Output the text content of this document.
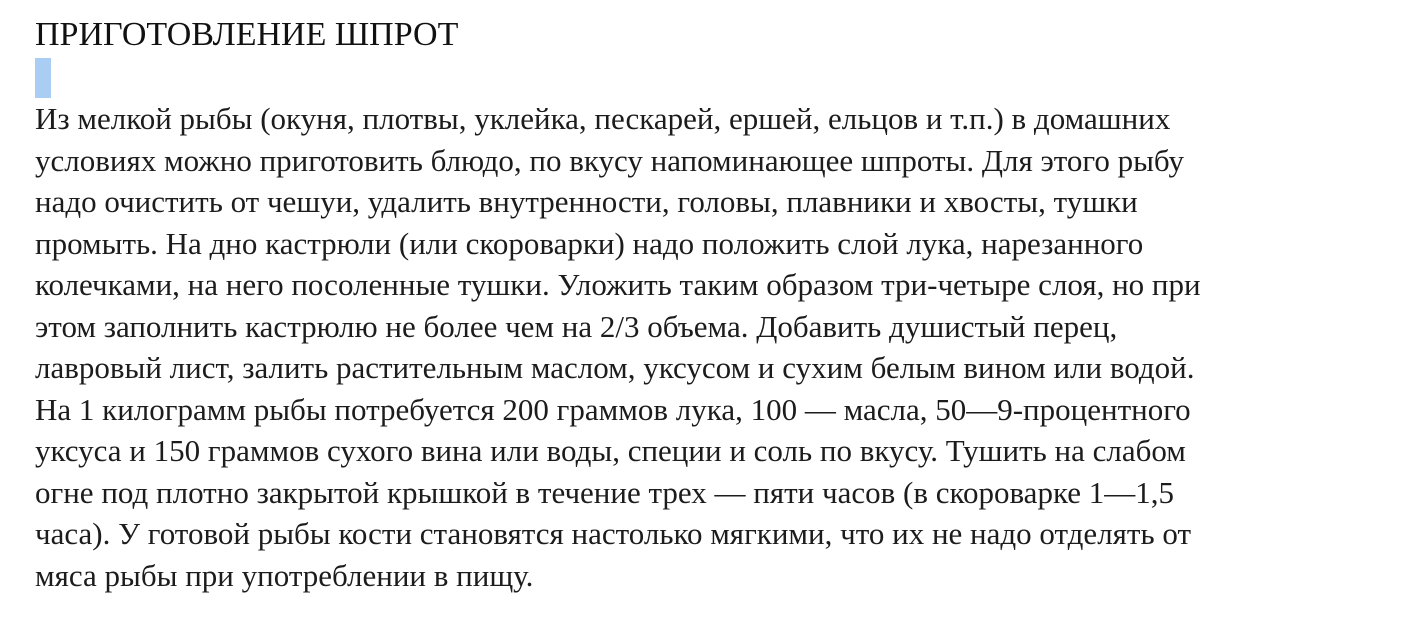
ПРИГОТОВЛЕНИЕ ШПРОТ

Из мелкой рыбы (окуня, плотвы, уклейка, пескарей, ершей, ельцов и т.п.) в домашних
условиях можно приготовить блюдо, по вкусу напоминающее шпроты. Для этого рыбу
надо очистить от чешуи, удалить внутренности, головы, плавники и хвосты, тушки
промыть. На дно кастрюли (или скороварки) надо положить слой лука, нарезанного
колечками, на него посоленные тушки. Уложить таким образом три-четыре слоя, но при
этом заполнить кастрюлю не более чем на 2/3 объема. Добавить душистый перец,
лавровый лист, залить растительным маслом, уксусом и сухим белым вином или водой.
На 1 килограмм рыбы потребуется 200 граммов лука, 100 — масла, 50—9-процентного
уксуса и 150 граммов сухого вина или воды, специи и соль по вкусу. Тушить на слабом
огне под плотно закрытой крышкой в течение трех — пяти часов (в скороварке 1—1,5
часа). У готовой рыбы кости становятся настолько мягкими, что их не надо отделять от
мяса рыбы при употреблении в пищу.
